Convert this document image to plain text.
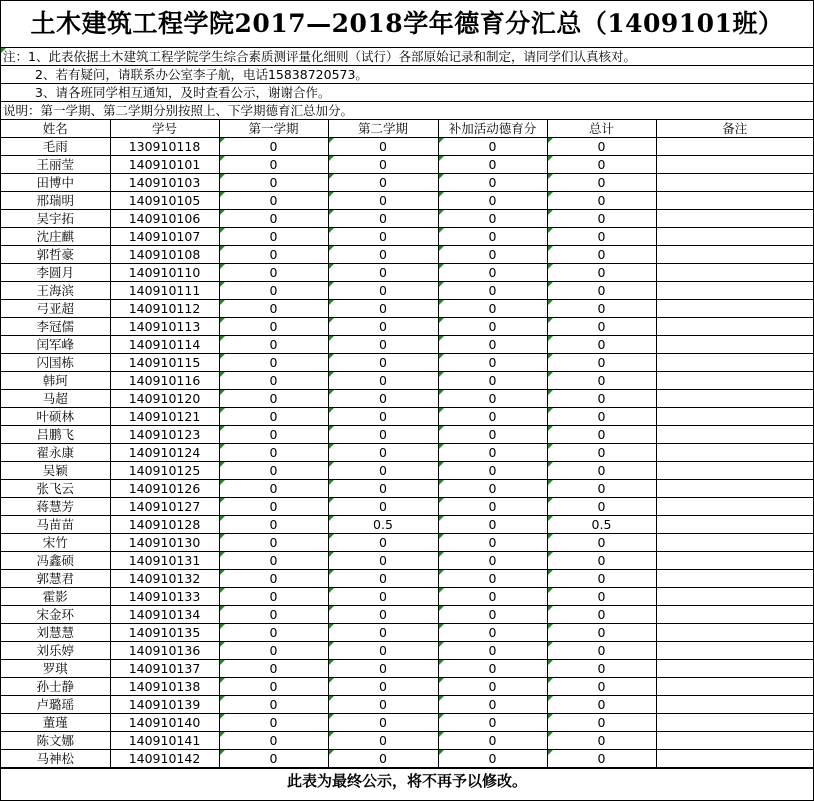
土木建筑工程学院2017—2018学年德育分汇总（1409101班）
注：1、此表依据土木建筑工程学院学生综合素质测评量化细则（试行）各部原始记录和制定，请同学们认真核对。
2、若有疑问，请联系办公室李子航，电话15838720573。
3、请各班同学相互通知，及时查看公示，谢谢合作。
说明：第一学期、第二学期分别按照上、下学期德育汇总加分。
姓名	学号	第一学期	第二学期	补加活动德育分	总计	备注
毛雨	130910118	0	0	0	0	
王丽莹	140910101	0	0	0	0	
田博中	140910103	0	0	0	0	
邢瑞明	140910105	0	0	0	0	
吴宇拓	140910106	0	0	0	0	
沈庄麒	140910107	0	0	0	0	
郭哲豪	140910108	0	0	0	0	
李圆月	140910110	0	0	0	0	
王海滨	140910111	0	0	0	0	
弓亚超	140910112	0	0	0	0	
李冠儒	140910113	0	0	0	0	
闰军峰	140910114	0	0	0	0	
闪国栋	140910115	0	0	0	0	
韩珂	140910116	0	0	0	0	
马超	140910120	0	0	0	0	
叶硕林	140910121	0	0	0	0	
吕鹏飞	140910123	0	0	0	0	
翟永康	140910124	0	0	0	0	
吴颖	140910125	0	0	0	0	
张飞云	140910126	0	0	0	0	
蒋慧芳	140910127	0	0	0	0	
马苗苗	140910128	0	0.5	0	0.5	
宋竹	140910130	0	0	0	0	
冯鑫硕	140910131	0	0	0	0	
郭慧君	140910132	0	0	0	0	
霍影	140910133	0	0	0	0	
宋金环	140910134	0	0	0	0	
刘慧慧	140910135	0	0	0	0	
刘乐婷	140910136	0	0	0	0	
罗琪	140910137	0	0	0	0	
孙士静	140910138	0	0	0	0	
卢璐瑶	140910139	0	0	0	0	
董瑾	140910140	0	0	0	0	
陈文娜	140910141	0	0	0	0	
马神松	140910142	0	0	0	0	
此表为最终公示，将不再予以修改。
